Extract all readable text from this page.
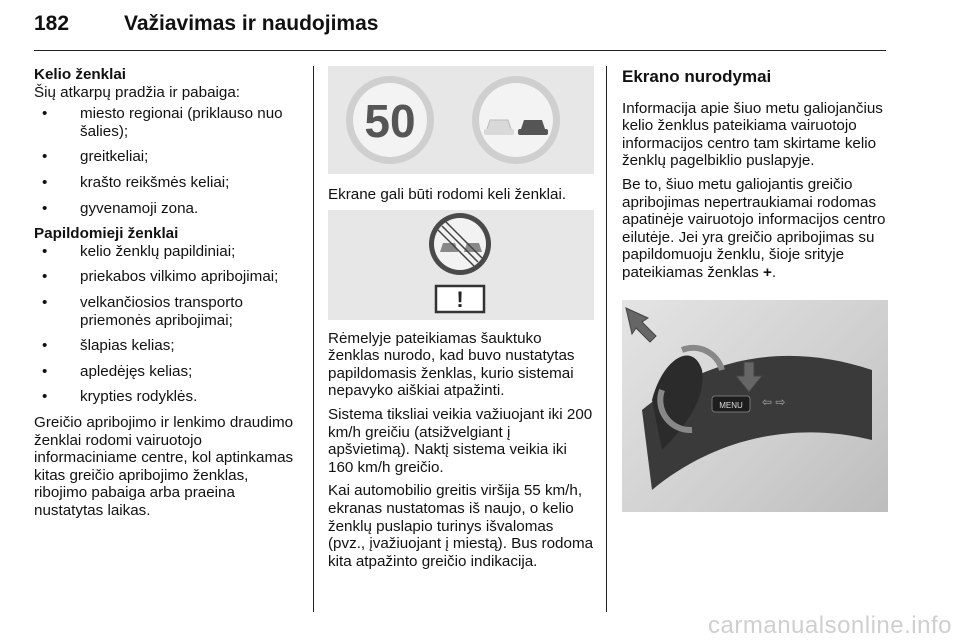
182	Važiavimas ir naudojimas
Kelio ženklai
Šių atkarpų pradžia ir pabaiga:
• miesto regionai (priklauso nuo šalies);
• greitkeliai;
• krašto reikšmės keliai;
• gyvenamoji zona.
Papildomieji ženklai
• kelio ženklų papildiniai;
• priekabos vilkimo apribojimai;
• velkančiosios transporto priemonės apribojimai;
• šlapias kelias;
• apledėjęs kelias;
• krypties rodyklės.

Greičio apribojimo ir lenkimo draudimo ženklai rodomi vairuotojo informaciniame centre, kol aptinkamas kitas greičio apribojimo ženklas, ribojimo pabaiga arba praeina nustatytas laikas.

50

Ekrane gali būti rodomi keli ženklai.

!

Rėmelyje pateikiamas šauktuko ženklas nurodo, kad buvo nustatytas papildomasis ženklas, kurio sistemai nepavyko aiškiai atpažinti.

Sistema tiksliai veikia važiuojant iki 200 km/h greičiu (atsižvelgiant į apšvietimą). Naktį sistema veikia iki 160 km/h greičio.

Kai automobilio greitis viršija 55 km/h, ekranas nustatomas iš naujo, o kelio ženklų puslapio turinys išvalomas (pvz., įvažiuojant į miestą). Bus rodoma kita atpažinto greičio indikacija.

Ekrano nurodymai

Informacija apie šiuo metu galiojančius kelio ženklus pateikiama vairuotojo informacijos centro tam skirtame kelio ženklų pagelbiklio puslapyje.

Be to, šiuo metu galiojantis greičio apribojimas nepertraukiamai rodomas apatinėje vairuotojo informacijos centro eilutėje. Jei yra greičio apribojimas su papildomuoju ženklu, šioje srityje pateikiamas ženklas +.

MENU ⇦ ⇨
carmanualsonline.info
